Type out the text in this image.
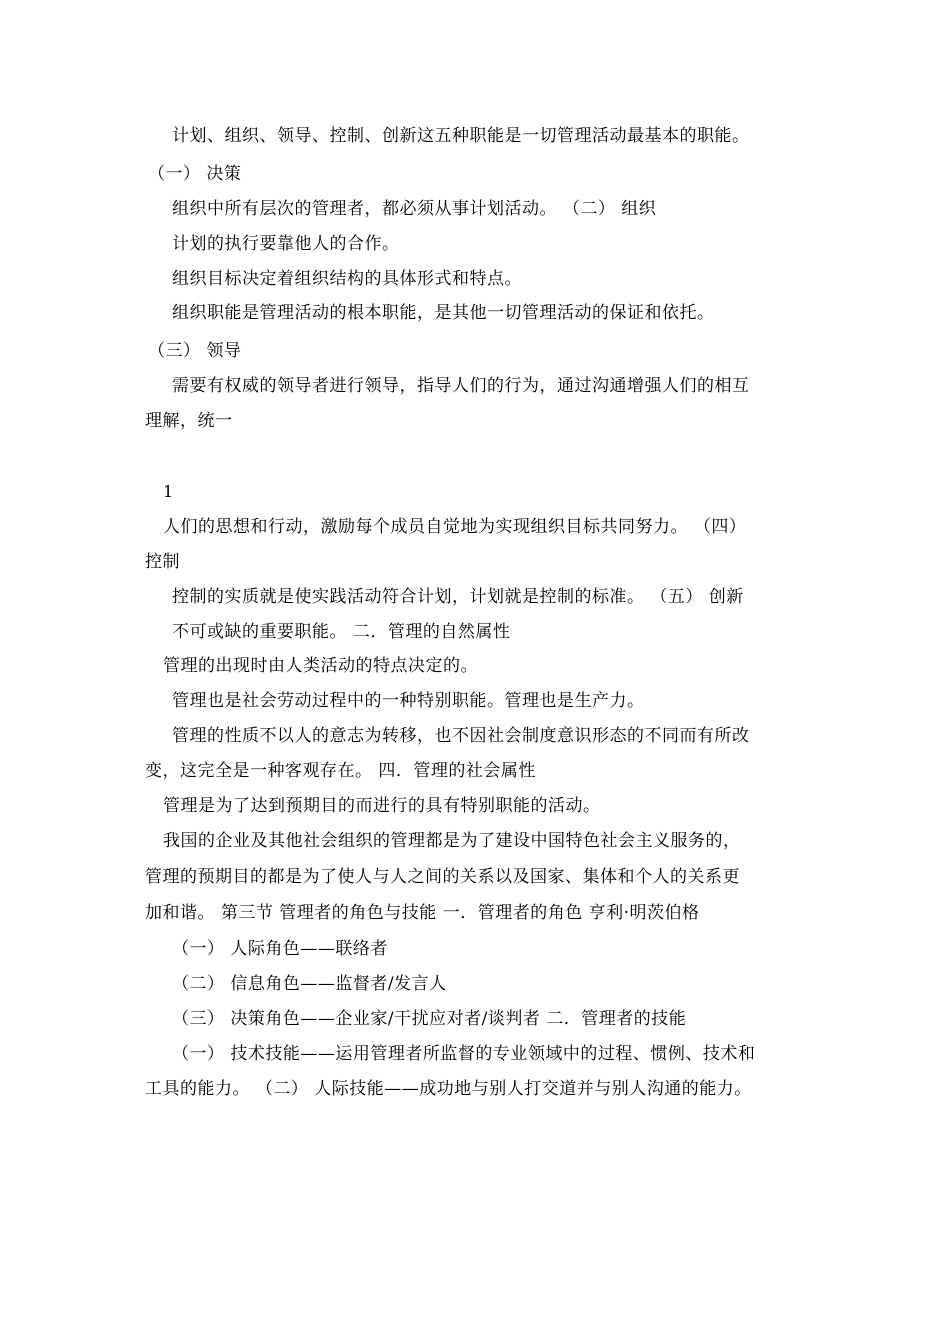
计划、组织、领导、控制、创新这五种职能是一切管理活动最基本的职能。

（一） 决策

组织中所有层次的管理者，都必须从事计划活动。 （二） 组织

计划的执行要靠他人的合作。

组织目标决定着组织结构的具体形式和特点。

组织职能是管理活动的根本职能，是其他一切管理活动的保证和依托。

（三） 领导

需要有权威的领导者进行领导，指导人们的行为，通过沟通增强人们的相互

理解，统一

1

人们的思想和行动，激励每个成员自觉地为实现组织目标共同努力。 （四）

控制

控制的实质就是使实践活动符合计划，计划就是控制的标准。 （五） 创新

不可或缺的重要职能。 二．管理的自然属性

管理的出现时由人类活动的特点决定的。

管理也是社会劳动过程中的一种特别职能。管理也是生产力。

管理的性质不以人的意志为转移，也不因社会制度意识形态的不同而有所改

变，这完全是一种客观存在。 四．管理的社会属性

管理是为了达到预期目的而进行的具有特别职能的活动。

我国的企业及其他社会组织的管理都是为了建设中国特色社会主义服务的，

管理的预期目的都是为了使人与人之间的关系以及国家、集体和个人的关系更

加和谐。 第三节 管理者的角色与技能 一．管理者的角色 亨利·明茨伯格

（一） 人际角色——联络者

（二） 信息角色——监督者/发言人

（三） 决策角色——企业家/干扰应对者/谈判者 二．管理者的技能

（一） 技术技能——运用管理者所监督的专业领域中的过程、惯例、技术和

工具的能力。 （二） 人际技能——成功地与别人打交道并与别人沟通的能力。
